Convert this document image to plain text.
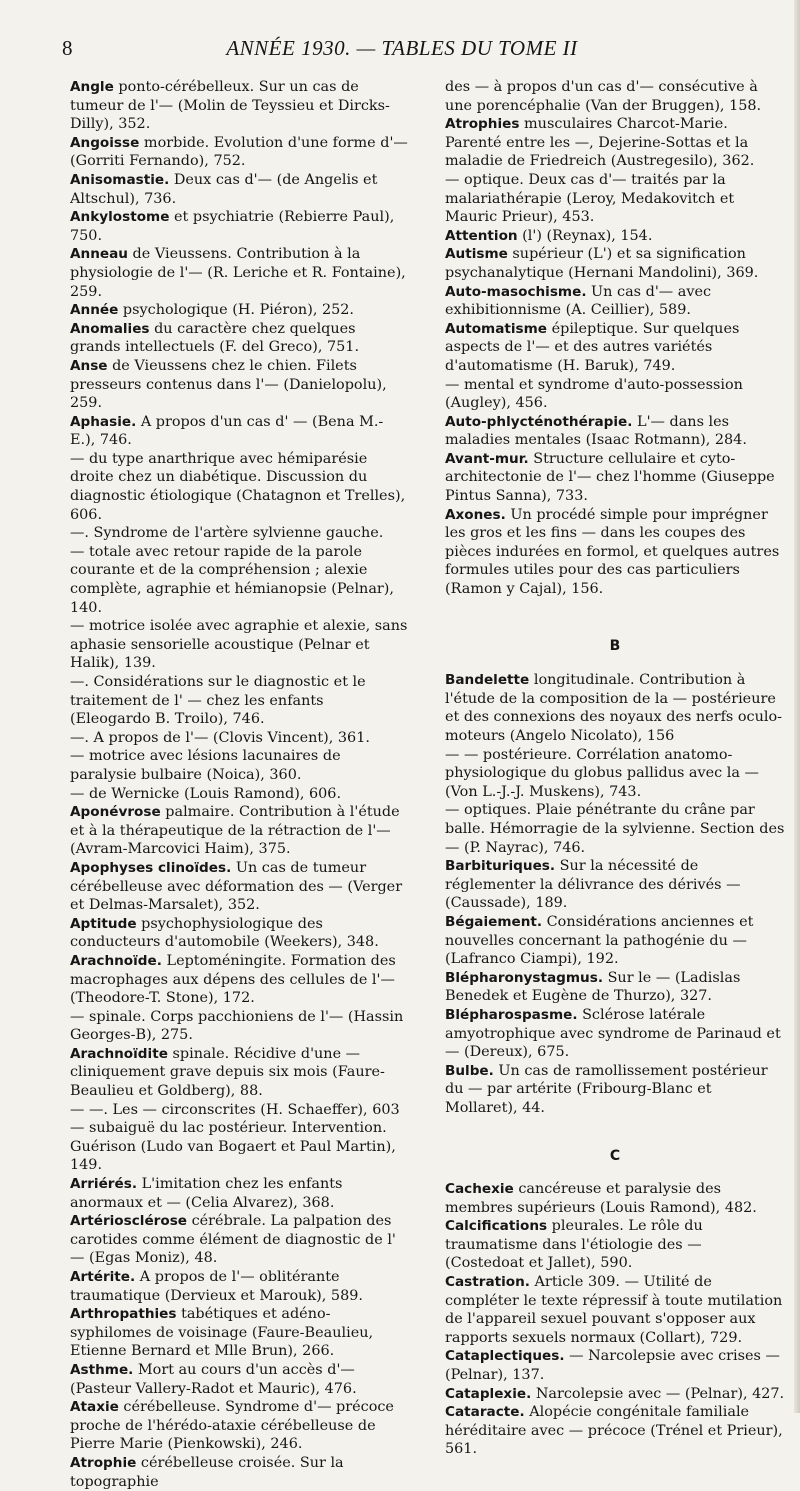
8	ANNÉE 1930. — TABLES DU TOME II
Angle ponto-cérébelleux. Sur un cas de tumeur de l'— (Molin de Teyssieu et Dircks-Dilly), 352.
Angoisse morbide. Evolution d'une forme d'— (Gorriti Fernando), 752.
Anisomastie. Deux cas d'— (de Angelis et Altschul), 736.
Ankylostome et psychiatrie (Rebierre Paul), 750.
Anneau de Vieussens. Contribution à la physiologie de l'— (R. Leriche et R. Fontaine), 259.
Année psychologique (H. Piéron), 252.
Anomalies du caractère chez quelques grands intellectuels (F. del Greco), 751.
Anse de Vieussens chez le chien. Filets presseurs contenus dans l'— (Danielopolu), 259.
Aphasie. A propos d'un cas d' — (Bena M.-E.), 746.
— du type anarthrique avec hémiparésie droite chez un diabétique. Discussion du diagnostic étiologique (Chatagnon et Trelles), 606.
—. Syndrome de l'artère sylvienne gauche.
— totale avec retour rapide de la parole courante et de la compréhension ; alexie complète, agraphie et hémianopsie (Pelnar), 140.
— motrice isolée avec agraphie et alexie, sans aphasie sensorielle acoustique (Pelnar et Halik), 139.
—. Considérations sur le diagnostic et le traitement de l' — chez les enfants (Eleogardo B. Troilo), 746.
—. A propos de l'— (Clovis Vincent), 361.
— motrice avec lésions lacunaires de paralysie bulbaire (Noica), 360.
— de Wernicke (Louis Ramond), 606.
Aponévrose palmaire. Contribution à l'étude et à la thérapeutique de la rétraction de l'— (Avram-Marcovici Haim), 375.
Apophyses clinoïdes. Un cas de tumeur cérébelleuse avec déformation des — (Verger et Delmas-Marsalet), 352.
Aptitude psychophysiologique des conducteurs d'automobile (Weekers), 348.
Arachnoïde. Leptoméningite. Formation des macrophages aux dépens des cellules de l'— (Theodore-T. Stone), 172.
— spinale. Corps pacchioniens de l'— (Hassin Georges-B), 275.
Arachnoïdite spinale. Récidive d'une — cliniquement grave depuis six mois (Faure-Beaulieu et Goldberg), 88.
— —. Les — circonscrites (H. Schaeffer), 603
— subaiguë du lac postérieur. Intervention. Guérison (Ludo van Bogaert et Paul Martin), 149.
Arriérés. L'imitation chez les enfants anormaux et — (Celia Alvarez), 368.
Artériosclérose cérébrale. La palpation des carotides comme élément de diagnostic de l' — (Egas Moniz), 48.
Artérite. A propos de l'— oblitérante traumatique (Dervieux et Marouk), 589.
Arthropathies tabétiques et adéno-syphilomes de voisinage (Faure-Beaulieu, Etienne Bernard et Mlle Brun), 266.
Asthme. Mort au cours d'un accès d'— (Pasteur Vallery-Radot et Mauric), 476.
Ataxie cérébelleuse. Syndrome d'— précoce proche de l'hérédo-ataxie cérébelleuse de Pierre Marie (Pienkowski), 246.
Atrophie cérébelleuse croisée. Sur la topographie
des — à propos d'un cas d'— consécutive à une porencéphalie (Van der Bruggen), 158.
Atrophies musculaires Charcot-Marie. Parenté entre les —, Dejerine-Sottas et la maladie de Friedreich (Austregesilo), 362.
— optique. Deux cas d'— traités par la malariathérapie (Leroy, Medakovitch et Mauric Prieur), 453.
Attention (l') (Reynax), 154.
Autisme supérieur (L') et sa signification psychanalytique (Hernani Mandolini), 369.
Auto-masochisme. Un cas d'— avec exhibitionnisme (A. Ceillier), 589.
Automatisme épileptique. Sur quelques aspects de l'— et des autres variétés d'automatisme (H. Baruk), 749.
— mental et syndrome d'auto-possession (Augley), 456.
Auto-phlycténothérapie. L'— dans les maladies mentales (Isaac Rotmann), 284.
Avant-mur. Structure cellulaire et cyto-architectonie de l'— chez l'homme (Giuseppe Pintus Sanna), 733.
Axones. Un procédé simple pour imprégner les gros et les fins — dans les coupes des pièces indurées en formol, et quelques autres formules utiles pour des cas particuliers (Ramon y Cajal), 156.
B
Bandelette longitudinale. Contribution à l'étude de la composition de la — postérieure et des connexions des noyaux des nerfs oculo-moteurs (Angelo Nicolato), 156
— — postérieure. Corrélation anatomo-physiologique du globus pallidus avec la — (Von L.-J.-J. Muskens), 743.
— optiques. Plaie pénétrante du crâne par balle. Hémorragie de la sylvienne. Section des — (P. Nayrac), 746.
Barbituriques. Sur la nécessité de réglementer la délivrance des dérivés — (Caussade), 189.
Bégaiement. Considérations anciennes et nouvelles concernant la pathogénie du — (Lafranco Ciampi), 192.
Blépharonystagmus. Sur le — (Ladislas Benedek et Eugène de Thurzo), 327.
Blépharospasme. Sclérose latérale amyotrophique avec syndrome de Parinaud et — (Dereux), 675.
Bulbe. Un cas de ramollissement postérieur du — par artérite (Fribourg-Blanc et Mollaret), 44.
C
Cachexie cancéreuse et paralysie des membres supérieurs (Louis Ramond), 482.
Calcifications pleurales. Le rôle du traumatisme dans l'étiologie des — (Costedoat et Jallet), 590.
Castration. Article 309. — Utilité de compléter le texte répressif à toute mutilation de l'appareil sexuel pouvant s'opposer aux rapports sexuels normaux (Collart), 729.
Cataplectiques. — Narcolepsie avec crises — (Pelnar), 137.
Cataplexie. Narcolepsie avec — (Pelnar), 427.
Cataracte. Alopécie congénitale familiale héréditaire avec — précoce (Trénel et Prieur), 561.
